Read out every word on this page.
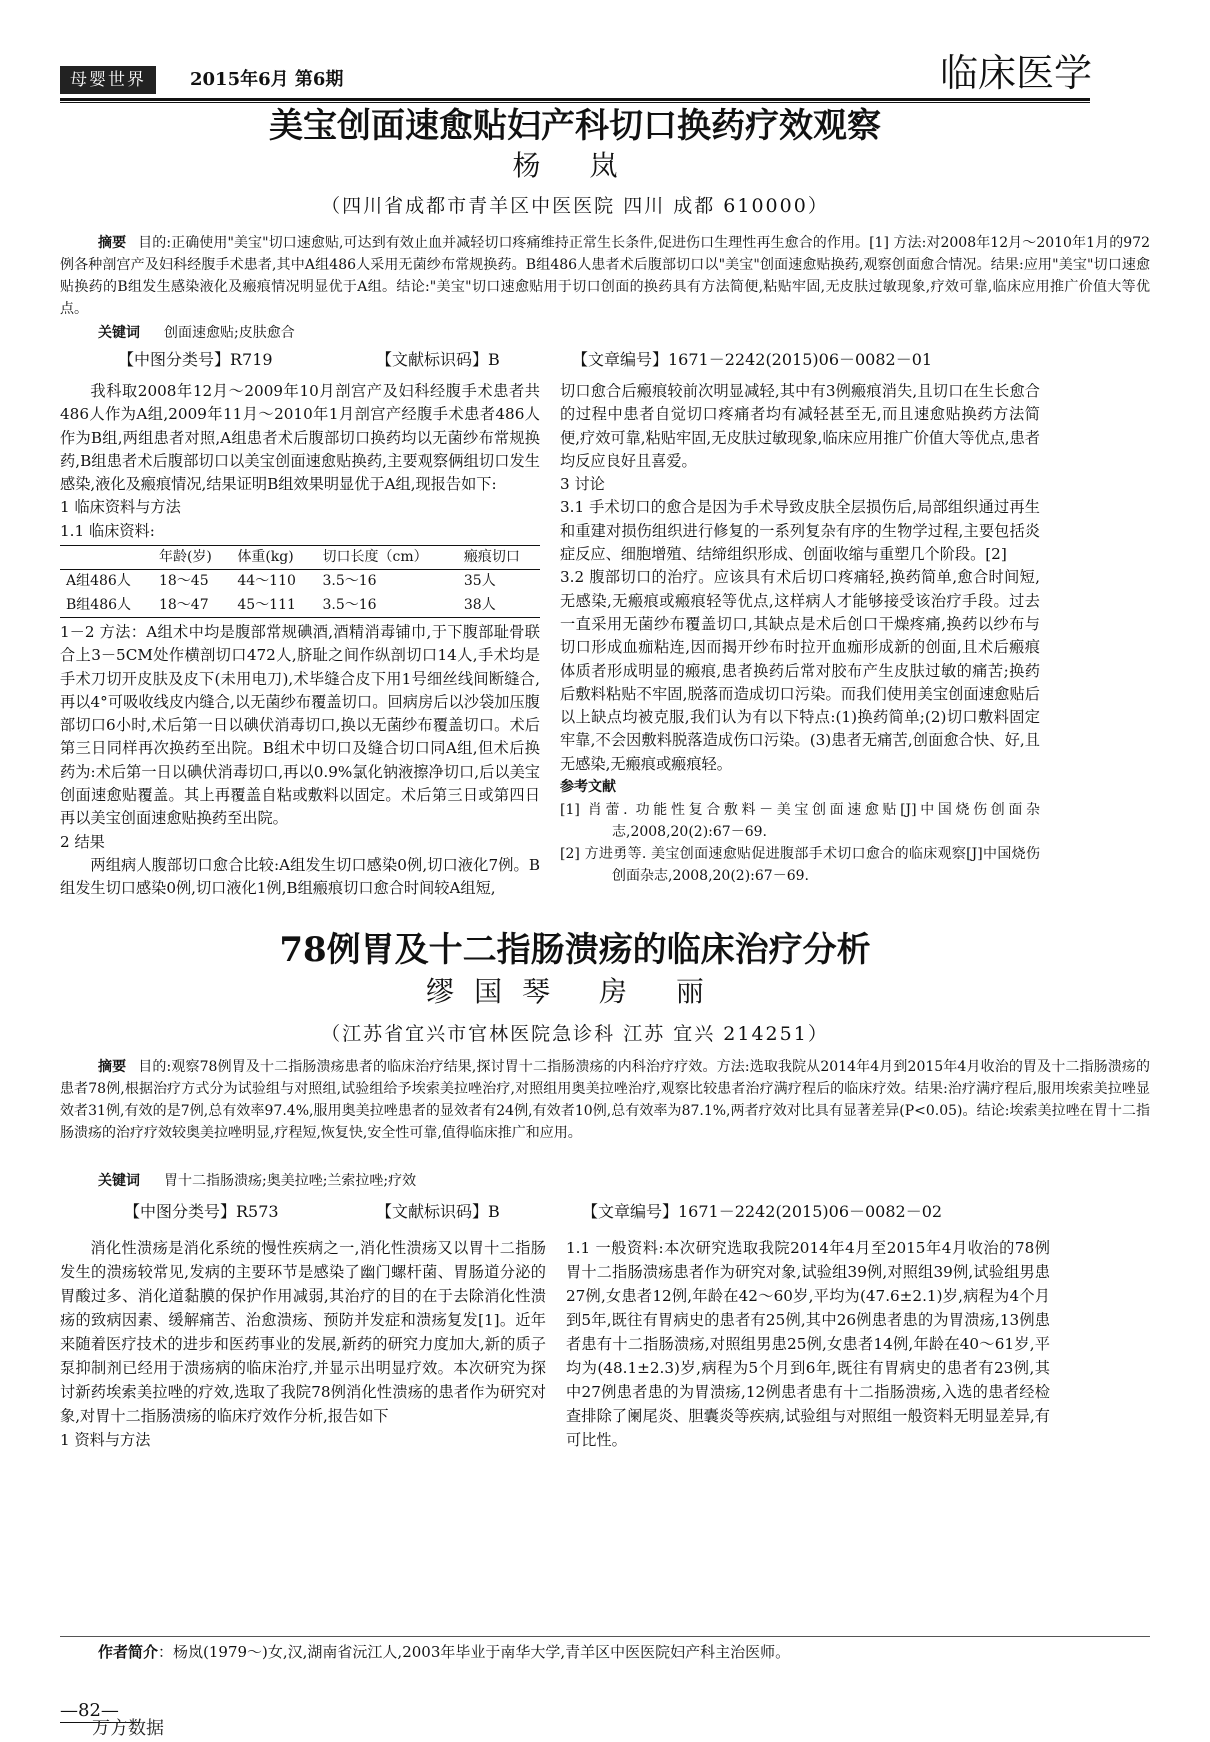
母婴世界	2015年6月 第6期	临床医学
美宝创面速愈贴妇产科切口换药疗效观察
杨 岚
（四川省成都市青羊区中医医院 四川 成都 610000）
摘要 目的:正确使用"美宝"切口速愈贴,可达到有效止血并减轻切口疼痛维持正常生长条件,促进伤口生理性再生愈合的作用。[1] 方法:对2008年12月～2010年1月的972例各种剖宫产及妇科经腹手术患者,其中A组486人采用无菌纱布常规换药。B组486人患者术后腹部切口以"美宝"创面速愈贴换药,观察创面愈合情况。结果:应用"美宝"切口速愈贴换药的B组发生感染液化及瘢痕情况明显优于A组。结论:"美宝"切口速愈贴用于切口创面的换药具有方法简便,粘贴牢固,无皮肤过敏现象,疗效可靠,临床应用推广价值大等优点。
关键词 创面速愈贴;皮肤愈合
【中图分类号】R719	【文献标识码】B	【文章编号】1671－2242(2015)06－0082－01

我科取2008年12月～2009年10月剖宫产及妇科经腹手术患者共486人作为A组,2009年11月～2010年1月剖宫产经腹手术患者486人作为B组,两组患者对照,A组患者术后腹部切口换药均以无菌纱布常规换药,B组患者术后腹部切口以美宝创面速愈贴换药,主要观察俩组切口发生感染,液化及瘢痕情况,结果证明B组效果明显优于A组,现报告如下:

1 临床资料与方法

1.1 临床资料:

	年龄(岁)	体重(kg)	切口长度（cm）	瘢痕切口
A组486人	18～45	44～110	3.5～16	35人
B组486人	18～47	45～111	3.5～16	38人

1－2 方法：A组术中均是腹部常规碘酒,酒精消毒铺巾,于下腹部耻骨联合上3－5CM处作横剖切口472人,脐耻之间作纵剖切口14人,手术均是手术刀切开皮肤及皮下(未用电刀),术毕缝合皮下用1号细丝线间断缝合,再以4°可吸收线皮内缝合,以无菌纱布覆盖切口。回病房后以沙袋加压腹部切口6小时,术后第一日以碘伏消毒切口,换以无菌纱布覆盖切口。术后第三日同样再次换药至出院。B组术中切口及缝合切口同A组,但术后换药为:术后第一日以碘伏消毒切口,再以0.9%氯化钠液擦净切口,后以美宝创面速愈贴覆盖。其上再覆盖自粘或敷料以固定。术后第三日或第四日再以美宝创面速愈贴换药至出院。

2 结果

两组病人腹部切口愈合比较:A组发生切口感染0例,切口液化7例。B组发生切口感染0例,切口液化1例,B组瘢痕切口愈合时间较A组短,

切口愈合后瘢痕较前次明显减轻,其中有3例瘢痕消失,且切口在生长愈合的过程中患者自觉切口疼痛者均有减轻甚至无,而且速愈贴换药方法简便,疗效可靠,粘贴牢固,无皮肤过敏现象,临床应用推广价值大等优点,患者均反应良好且喜爱。

3 讨论

3.1 手术切口的愈合是因为手术导致皮肤全层损伤后,局部组织通过再生和重建对损伤组织进行修复的一系列复杂有序的生物学过程,主要包括炎症反应、细胞增殖、结缔组织形成、创面收缩与重塑几个阶段。[2]

3.2 腹部切口的治疗。应该具有术后切口疼痛轻,换药简单,愈合时间短,无感染,无瘢痕或瘢痕轻等优点,这样病人才能够接受该治疗手段。过去一直采用无菌纱布覆盖切口,其缺点是术后创口干燥疼痛,换药以纱布与切口形成血痂粘连,因而揭开纱布时拉开血痂形成新的创面,且术后瘢痕体质者形成明显的瘢痕,患者换药后常对胶布产生皮肤过敏的痛苦;换药后敷料粘贴不牢固,脱落而造成切口污染。而我们使用美宝创面速愈贴后以上缺点均被克服,我们认为有以下特点:(1)换药简单;(2)切口敷料固定牢靠,不会因敷料脱落造成伤口污染。(3)患者无痛苦,创面愈合快、好,且无感染,无瘢痕或瘢痕轻。

参考文献

[1] 肖蕾. 功能性复合敷料－美宝创面速愈贴[J]中国烧伤创面杂志,2008,20(2):67－69.

[2] 方进勇等. 美宝创面速愈贴促进腹部手术切口愈合的临床观察[J]中国烧伤创面杂志,2008,20(2):67－69.

78例胃及十二指肠溃疡的临床治疗分析
缪国琴 房 丽
（江苏省宜兴市官林医院急诊科 江苏 宜兴 214251）
摘要 目的:观察78例胃及十二指肠溃疡患者的临床治疗结果,探讨胃十二指肠溃疡的内科治疗疗效。方法:选取我院从2014年4月到2015年4月收治的胃及十二指肠溃疡的患者78例,根据治疗方式分为试验组与对照组,试验组给予埃索美拉唑治疗,对照组用奥美拉唑治疗,观察比较患者治疗满疗程后的临床疗效。结果:治疗满疗程后,服用埃索美拉唑显效者31例,有效的是7例,总有效率97.4%,服用奥美拉唑患者的显效者有24例,有效者10例,总有效率为87.1%,两者疗效对比具有显著差异(P<0.05)。结论:埃索美拉唑在胃十二指肠溃疡的治疗疗效较奥美拉唑明显,疗程短,恢复快,安全性可靠,值得临床推广和应用。
关键词 胃十二指肠溃疡;奥美拉唑;兰索拉唑;疗效
【中图分类号】R573	【文献标识码】B	【文章编号】1671－2242(2015)06－0082－02

消化性溃疡是消化系统的慢性疾病之一,消化性溃疡又以胃十二指肠发生的溃疡较常见,发病的主要环节是感染了幽门螺杆菌、胃肠道分泌的胃酸过多、消化道黏膜的保护作用减弱,其治疗的目的在于去除消化性溃疡的致病因素、缓解痛苦、治愈溃疡、预防并发症和溃疡复发[1]。近年来随着医疗技术的进步和医药事业的发展,新药的研究力度加大,新的质子泵抑制剂已经用于溃疡病的临床治疗,并显示出明显疗效。本次研究为探讨新药埃索美拉唑的疗效,选取了我院78例消化性溃疡的患者作为研究对象,对胃十二指肠溃疡的临床疗效作分析,报告如下

1 资料与方法

1.1 一般资料:本次研究选取我院2014年4月至2015年4月收治的78例胃十二指肠溃疡患者作为研究对象,试验组39例,对照组39例,试验组男患27例,女患者12例,年龄在42～60岁,平均为(47.6±2.1)岁,病程为4个月到5年,既往有胃病史的患者有25例,其中26例患者患的为胃溃疡,13例患者患有十二指肠溃疡,对照组男患25例,女患者14例,年龄在40～61岁,平均为(48.1±2.3)岁,病程为5个月到6年,既往有胃病史的患者有23例,其中27例患者患的为胃溃疡,12例患者患有十二指肠溃疡,入选的患者经检查排除了阑尾炎、胆囊炎等疾病,试验组与对照组一般资料无明显差异,有可比性。

作者简介：杨岚(1979～)女,汉,湖南省沅江人,2003年毕业于南华大学,青羊区中医医院妇产科主治医师。
—82—
万方数据
